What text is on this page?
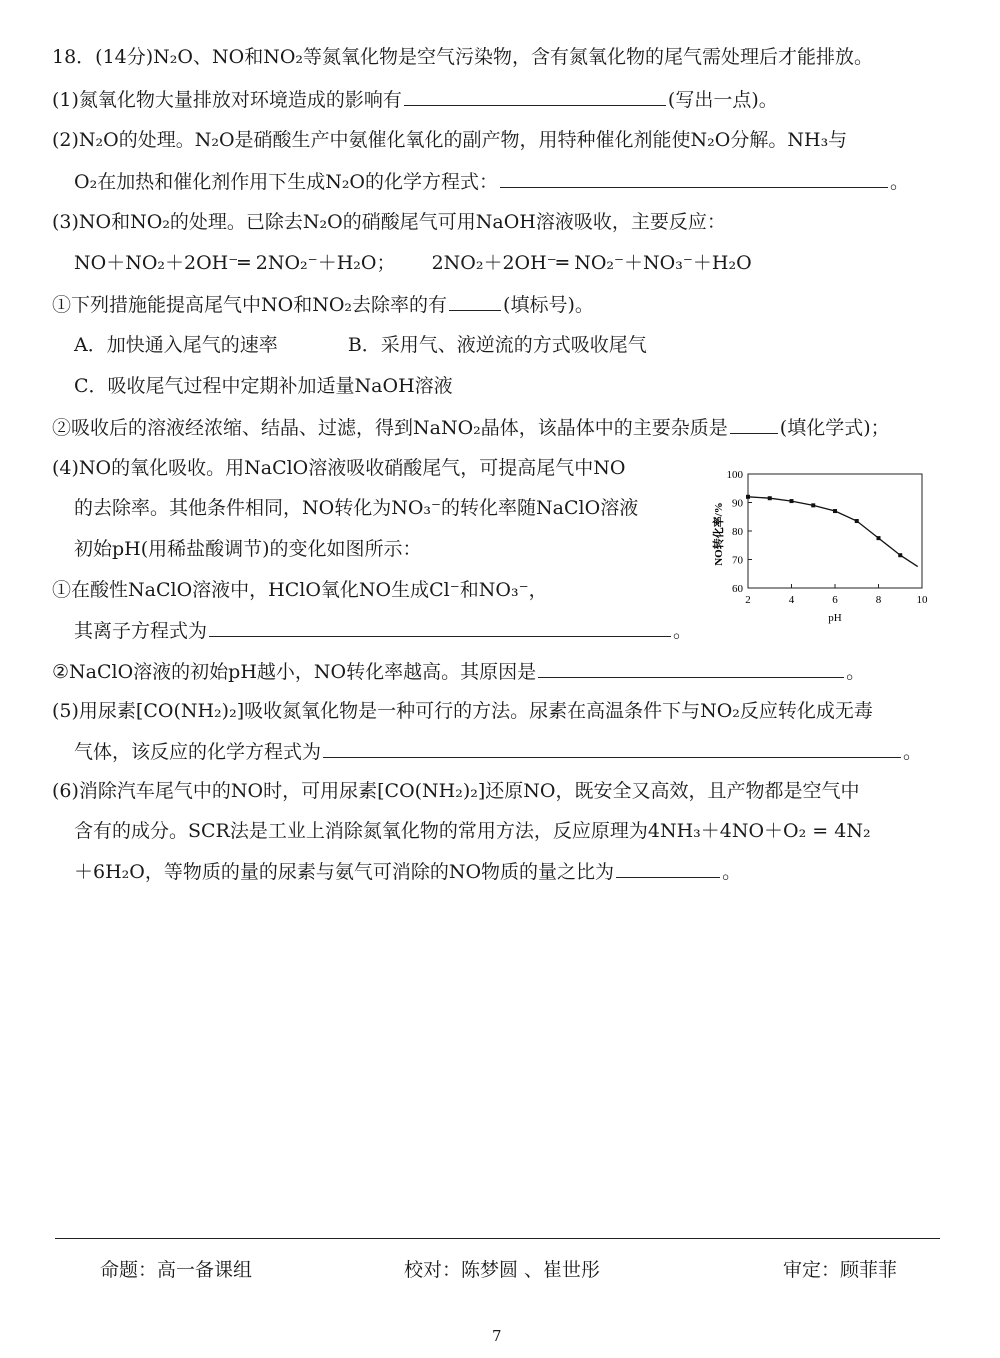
18．(14分)N₂O、NO和NO₂等氮氧化物是空气污染物，含有氮氧化物的尾气需处理后才能排放。
(1)氮氧化物大量排放对环境造成的影响有	(写出一点)。
(2)N₂O的处理。N₂O是硝酸生产中氨催化氧化的副产物，用特种催化剂能使N₂O分解。NH₃与
O₂在加热和催化剂作用下生成N₂O的化学方程式：	。
(3)NO和NO₂的处理。已除去N₂O的硝酸尾气可用NaOH溶液吸收，主要反应：
NO＋NO₂＋2OH⁻═ 2NO₂⁻＋H₂O； 2NO₂＋2OH⁻═ NO₂⁻＋NO₃⁻＋H₂O
①下列措施能提高尾气中NO和NO₂去除率的有	(填标号)。
A．加快通入尾气的速率	B．采用气、液逆流的方式吸收尾气
C．吸收尾气过程中定期补加适量NaOH溶液
②吸收后的溶液经浓缩、结晶、过滤，得到NaNO₂晶体，该晶体中的主要杂质是	(填化学式)；
(4)NO的氧化吸收。用NaClO溶液吸收硝酸尾气，可提高尾气中NO
的去除率。其他条件相同，NO转化为NO₃⁻的转化率随NaClO溶液
初始pH(用稀盐酸调节)的变化如图所示：
①在酸性NaClO溶液中，HClO氧化NO生成Cl⁻和NO₃⁻，
其离子方程式为	。
NO转化率/%
pH
2	4	6	8	10
60
70
80
90
100
②NaClO溶液的初始pH越小，NO转化率越高。其原因是	。
(5)用尿素[CO(NH₂)₂]吸收氮氧化物是一种可行的方法。尿素在高温条件下与NO₂反应转化成无毒
气体，该反应的化学方程式为	。
(6)消除汽车尾气中的NO时，可用尿素[CO(NH₂)₂]还原NO，既安全又高效，且产物都是空气中
含有的成分。SCR法是工业上消除氮氧化物的常用方法，反应原理为4NH₃＋4NO＋O₂ = 4N₂
＋6H₂O，等物质的量的尿素与氨气可消除的NO物质的量之比为	。
命题：高一备课组	校对：陈梦圆 、崔世彤	审定：顾菲菲
7
